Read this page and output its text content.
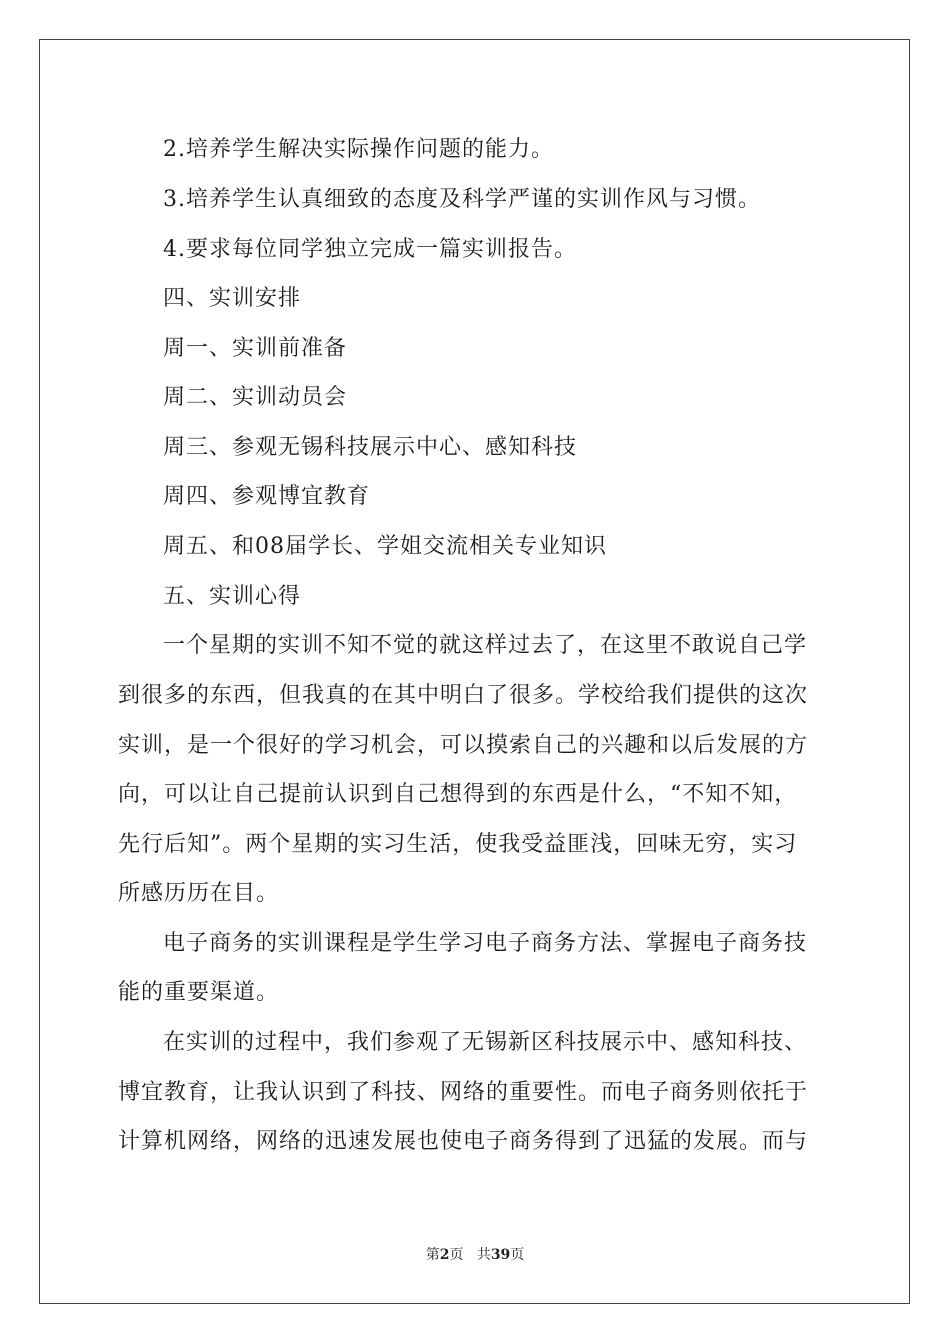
2.培养学生解决实际操作问题的能力。
3.培养学生认真细致的态度及科学严谨的实训作风与习惯。
4.要求每位同学独立完成一篇实训报告。
四、实训安排
周一、实训前准备
周二、实训动员会
周三、参观无锡科技展示中心、感知科技
周四、参观博宜教育
周五、和08届学长、学姐交流相关专业知识
五、实训心得
一个星期的实训不知不觉的就这样过去了，在这里不敢说自己学
到很多的东西，但我真的在其中明白了很多。学校给我们提供的这次
实训，是一个很好的学习机会，可以摸索自己的兴趣和以后发展的方
向，可以让自己提前认识到自己想得到的东西是什么，“不知不知，
先行后知”。两个星期的实习生活，使我受益匪浅，回味无穷，实习
所感历历在目。
电子商务的实训课程是学生学习电子商务方法、掌握电子商务技
能的重要渠道。
在实训的过程中，我们参观了无锡新区科技展示中、感知科技、
博宜教育，让我认识到了科技、网络的重要性。而电子商务则依托于
计算机网络，网络的迅速发展也使电子商务得到了迅猛的发展。而与
第2页 共39页
